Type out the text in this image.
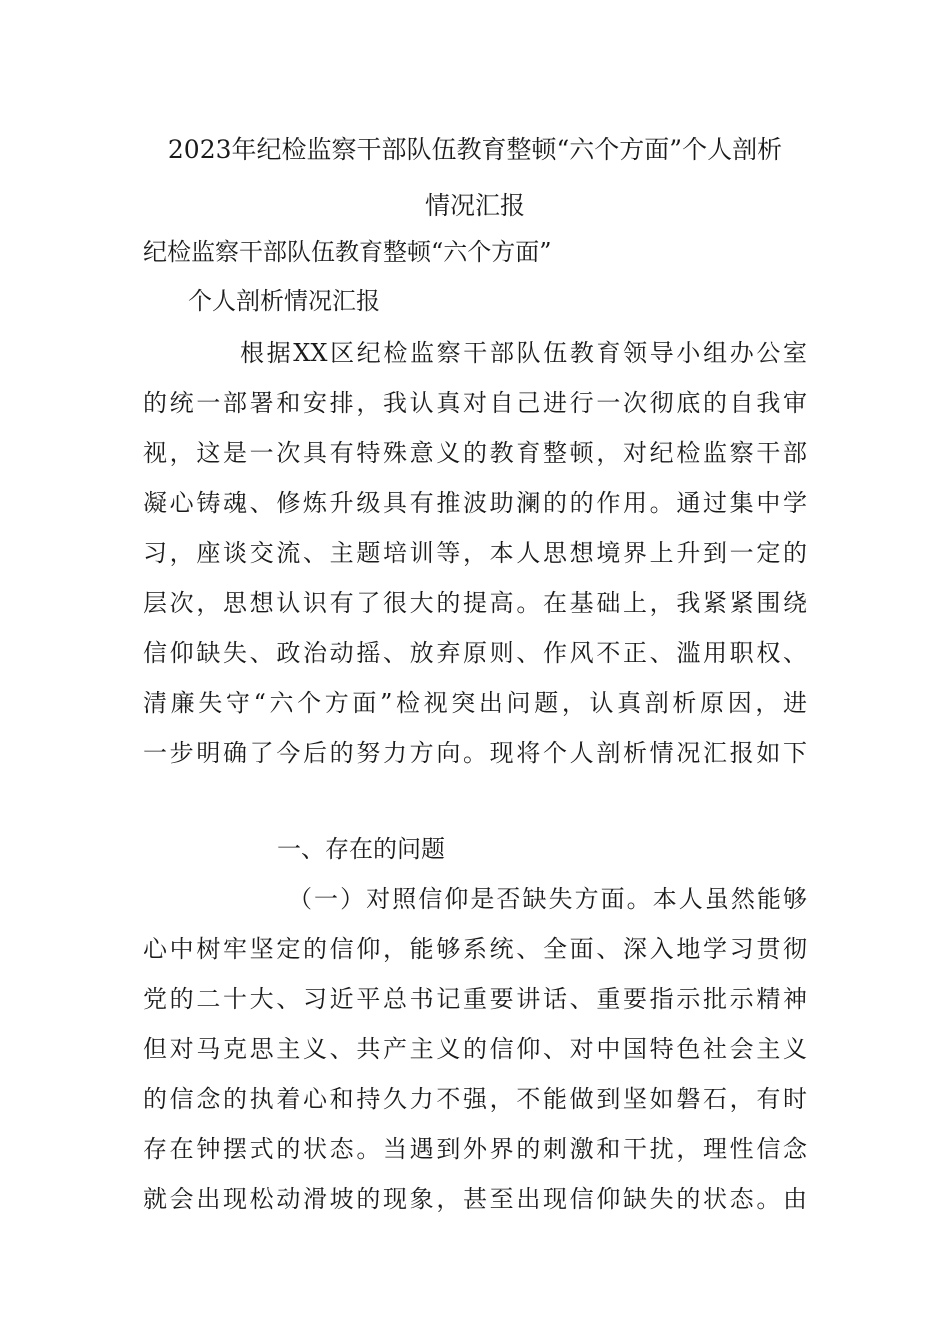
2023年纪检监察干部队伍教育整顿“六个方面”个人剖析
情况汇报
纪检监察干部队伍教育整顿“六个方面”
个人剖析情况汇报
根据XX区纪检监察干部队伍教育领导小组办公室
的统一部署和安排，我认真对自己进行一次彻底的自我审
视，这是一次具有特殊意义的教育整顿，对纪检监察干部
凝心铸魂、修炼升级具有推波助澜的的作用。通过集中学
习，座谈交流、主题培训等，本人思想境界上升到一定的
层次，思想认识有了很大的提高。在基础上，我紧紧围绕
信仰缺失、政治动摇、放弃原则、作风不正、滥用职权、
清廉失守“六个方面”检视突出问题，认真剖析原因，进
一步明确了今后的努力方向。现将个人剖析情况汇报如下
一、存在的问题
（一）对照信仰是否缺失方面。本人虽然能够
心中树牢坚定的信仰，能够系统、全面、深入地学习贯彻
党的二十大、习近平总书记重要讲话、重要指示批示精神
但对马克思主义、共产主义的信仰、对中国特色社会主义
的信念的执着心和持久力不强，不能做到坚如磐石，有时
存在钟摆式的状态。当遇到外界的刺激和干扰，理性信念
就会出现松动滑坡的现象，甚至出现信仰缺失的状态。由
